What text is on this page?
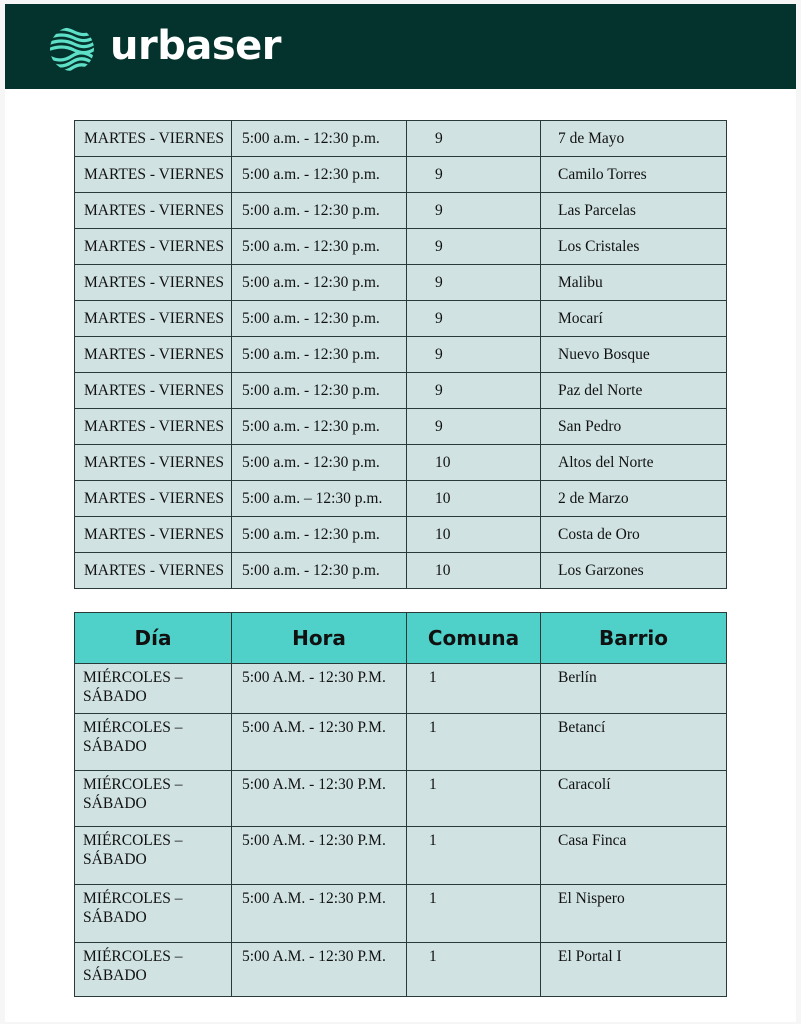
urbaser
MARTES - VIERNES	5:00 a.m. - 12:30 p.m.	9	7 de Mayo
MARTES - VIERNES	5:00 a.m. - 12:30 p.m.	9	Camilo Torres
MARTES - VIERNES	5:00 a.m. - 12:30 p.m.	9	Las Parcelas
MARTES - VIERNES	5:00 a.m. - 12:30 p.m.	9	Los Cristales
MARTES - VIERNES	5:00 a.m. - 12:30 p.m.	9	Malibu
MARTES - VIERNES	5:00 a.m. - 12:30 p.m.	9	Mocarí
MARTES - VIERNES	5:00 a.m. - 12:30 p.m.	9	Nuevo Bosque
MARTES - VIERNES	5:00 a.m. - 12:30 p.m.	9	Paz del Norte
MARTES - VIERNES	5:00 a.m. - 12:30 p.m.	9	San Pedro
MARTES - VIERNES	5:00 a.m. - 12:30 p.m.	10	Altos del Norte
MARTES - VIERNES	5:00 a.m. – 12:30 p.m.	10	2 de Marzo
MARTES - VIERNES	5:00 a.m. - 12:30 p.m.	10	Costa de Oro
MARTES - VIERNES	5:00 a.m. - 12:30 p.m.	10	Los Garzones
Día	Hora	Comuna	Barrio

MIÉRCOLES –
SÁBADO	5:00 A.M. - 12:30 P.M.	1	Berlín

MIÉRCOLES –
SÁBADO	5:00 A.M. - 12:30 P.M.	1	Betancí

MIÉRCOLES –
SÁBADO	5:00 A.M. - 12:30 P.M.	1	Caracolí

MIÉRCOLES –
SÁBADO	5:00 A.M. - 12:30 P.M.	1	Casa Finca

MIÉRCOLES –
SÁBADO	5:00 A.M. - 12:30 P.M.	1	El Nispero

MIÉRCOLES –
SÁBADO	5:00 A.M. - 12:30 P.M.	1	El Portal I
